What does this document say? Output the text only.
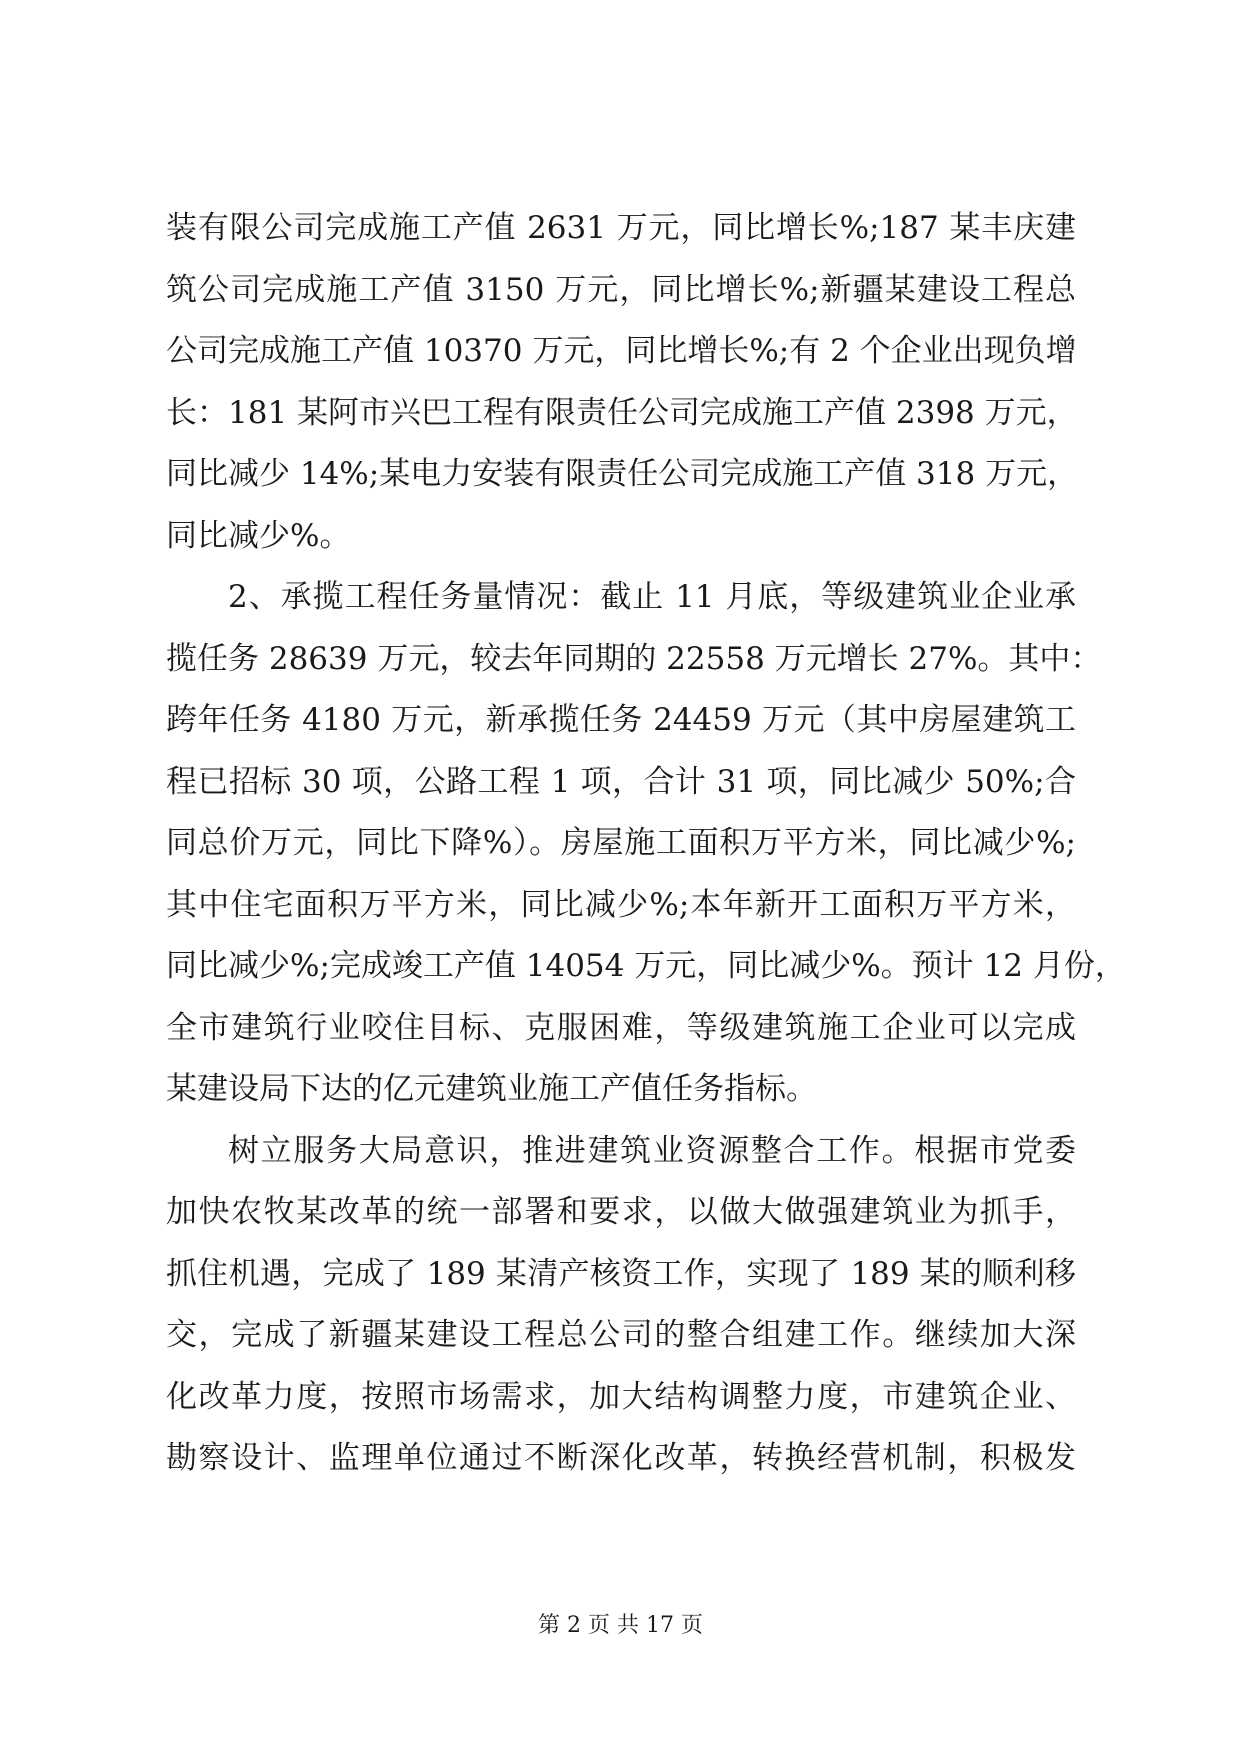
装有限公司完成施工产值 2631 万元，同比增长%;187 某丰庆建
筑公司完成施工产值 3150 万元，同比增长%;新疆某建设工程总
公司完成施工产值 10370 万元，同比增长%;有 2 个企业出现负增
长：181 某阿市兴巴工程有限责任公司完成施工产值 2398 万元，
同比减少 14%;某电力安装有限责任公司完成施工产值 318 万元，
同比减少%。
2、承揽工程任务量情况：截止 11 月底，等级建筑业企业承
揽任务 28639 万元，较去年同期的 22558 万元增长 27%。其中：
跨年任务 4180 万元，新承揽任务 24459 万元（其中房屋建筑工
程已招标 30 项，公路工程 1 项，合计 31 项，同比减少 50%;合
同总价万元，同比下降%）。房屋施工面积万平方米，同比减少%;
其中住宅面积万平方米，同比减少%;本年新开工面积万平方米，
同比减少%;完成竣工产值 14054 万元，同比减少%。预计 12 月份，
全市建筑行业咬住目标、克服困难，等级建筑施工企业可以完成
某建设局下达的亿元建筑业施工产值任务指标。
树立服务大局意识，推进建筑业资源整合工作。根据市党委
加快农牧某改革的统一部署和要求，以做大做强建筑业为抓手，
抓住机遇，完成了 189 某清产核资工作，实现了 189 某的顺利移
交，完成了新疆某建设工程总公司的整合组建工作。继续加大深
化改革力度，按照市场需求，加大结构调整力度，市建筑企业、
勘察设计、监理单位通过不断深化改革，转换经营机制，积极发
第 2 页 共 17 页
